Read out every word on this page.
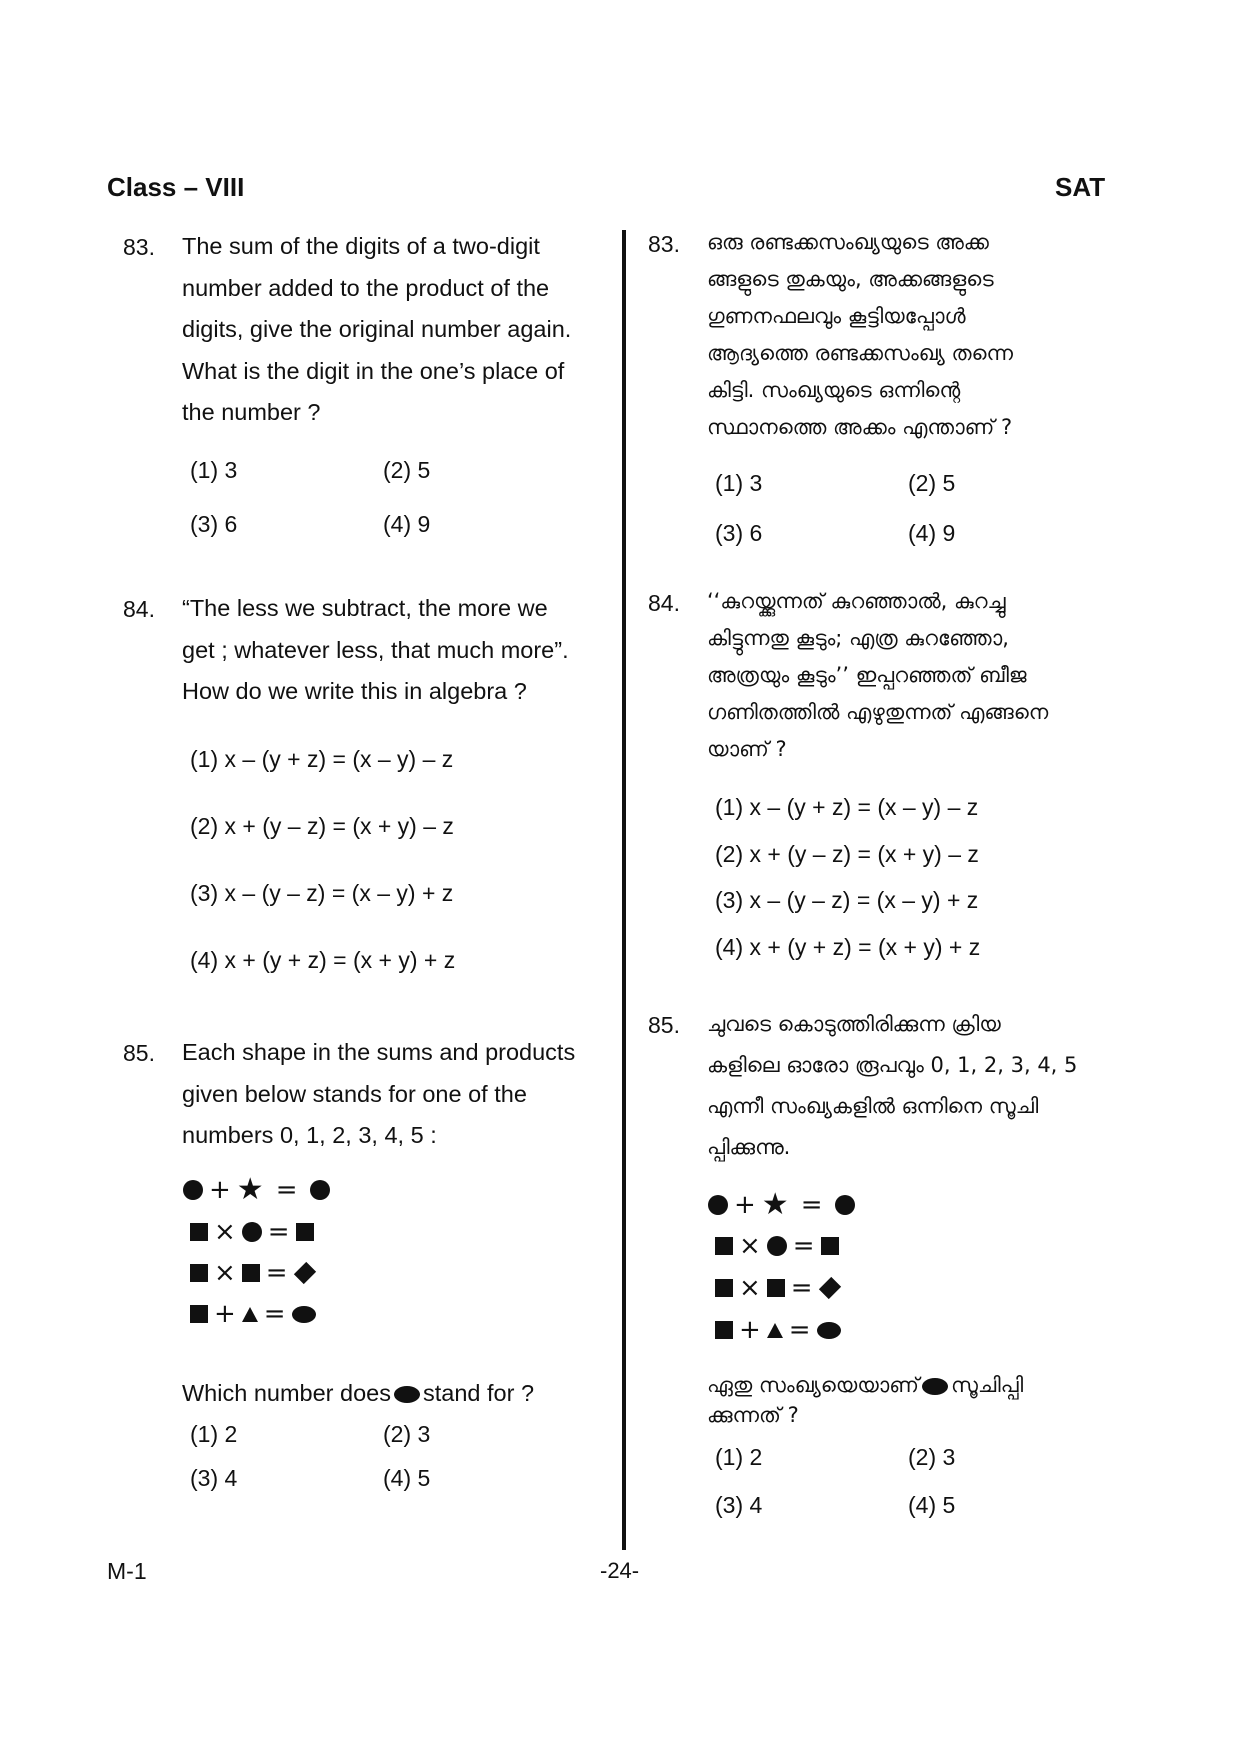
Class – VIII	SAT
83. The sum of the digits of a two-digit
number added to the product of the
digits, give the original number again.
What is the digit in the one’s place of
the number ?
(1) 3	(2) 5
(3) 6	(4) 9
84. “The less we subtract, the more we
get ; whatever less, that much more”.
How do we write this in algebra ?
(1) x – (y + z) = (x – y) – z
(2) x + (y – z) = (x + y) – z
(3) x – (y – z) = (x – y) + z
(4) x + (y + z) = (x + y) + z
85. Each shape in the sums and products
given below stands for one of the
numbers 0, 1, 2, 3, 4, 5 :
+ ★ =
× =
× =
+ =
Which number does stand for ?
(1) 2	(2) 3
(3) 4	(4) 5
83. ഒരു രണ്ടക്കസംഖ്യയുടെ അക്ക
ങ്ങളുടെ തുകയും, അക്കങ്ങളുടെ
ഗുണനഫലവും കൂട്ടിയപ്പോൾ
ആദ്യത്തെ രണ്ടക്കസംഖ്യ തന്നെ
കിട്ടി. സംഖ്യയുടെ ഒന്നിന്റെ
സ്ഥാനത്തെ അക്കം എന്താണ് ?
(1) 3	(2) 5
(3) 6	(4) 9
84. ‘‘കുറയ്ക്കുന്നത് കുറഞ്ഞാൽ, കുറച്ചു
കിട്ടുന്നതു കൂടും; എത്ര കുറഞ്ഞോ,
അത്രയും കൂടും’’ ഇപ്പറഞ്ഞത് ബീജ
ഗണിതത്തിൽ എഴുതുന്നത് എങ്ങനെ
യാണ് ?
(1) x – (y + z) = (x – y) – z
(2) x + (y – z) = (x + y) – z
(3) x – (y – z) = (x – y) + z
(4) x + (y + z) = (x + y) + z
85. ചുവടെ കൊടുത്തിരിക്കുന്ന ക്രിയ
കളിലെ ഓരോ രൂപവും 0, 1, 2, 3, 4, 5
എന്നീ സംഖ്യകളിൽ ഒന്നിനെ സൂചി
പ്പിക്കുന്നു.
+ ★ =
× =
× =
+ =
ഏതു സംഖ്യയെയാണ് സൂചിപ്പി
ക്കുന്നത് ?
(1) 2	(2) 3
(3) 4	(4) 5
M-1	-24-
